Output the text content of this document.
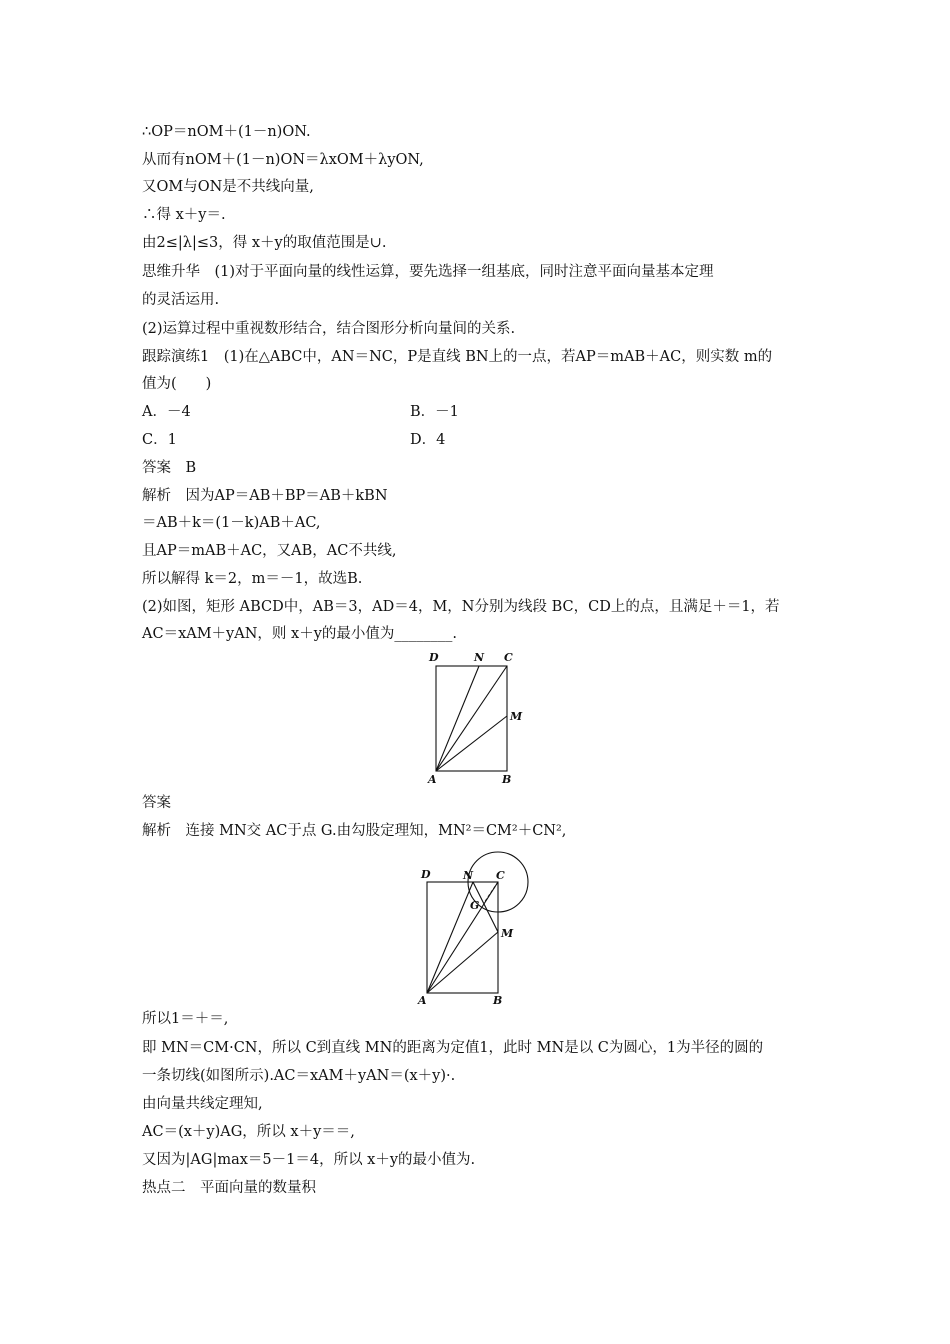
∴OP＝nOM＋(1－n)ON.
从而有nOM＋(1－n)ON＝λxOM＋λyON,
又OM与ON是不共线向量,
∴得 x＋y＝.
由2≤|λ|≤3，得 x＋y的取值范围是∪.
思维升华　(1)对于平面向量的线性运算，要先选择一组基底，同时注意平面向量基本定理
的灵活运用.
(2)运算过程中重视数形结合，结合图形分析向量间的关系.
跟踪演练1　(1)在△ABC中，AN＝NC，P是直线 BN上的一点，若AP＝mAB＋AC，则实数 m的
值为(　　)
A．－4	B．－1
C．1	D．4
答案　B
解析　因为AP＝AB＋BP＝AB＋kBN
＝AB＋k＝(1－k)AB＋AC,
且AP＝mAB＋AC，又AB，AC不共线,
所以解得 k＝2，m＝－1，故选B.
(2)如图，矩形 ABCD中，AB＝3，AD＝4，M，N分别为线段 BC，CD上的点，且满足＋＝1，若
AC＝xAM＋yAN，则 x＋y的最小值为________.
D	N C
M
A	B
答案
解析　连接 MN交 AC于点 G.由勾股定理知，MN²＝CM²＋CN²,
D	N C
G
M
A	B
所以1＝＋＝,
即 MN＝CM·CN，所以 C到直线 MN的距离为定值1，此时 MN是以 C为圆心，1为半径的圆的
一条切线(如图所示).AC＝xAM＋yAN＝(x＋y)·.
由向量共线定理知,
AC＝(x＋y)AG，所以 x＋y＝＝,
又因为|AG|max＝5－1＝4，所以 x＋y的最小值为.
热点二　平面向量的数量积
